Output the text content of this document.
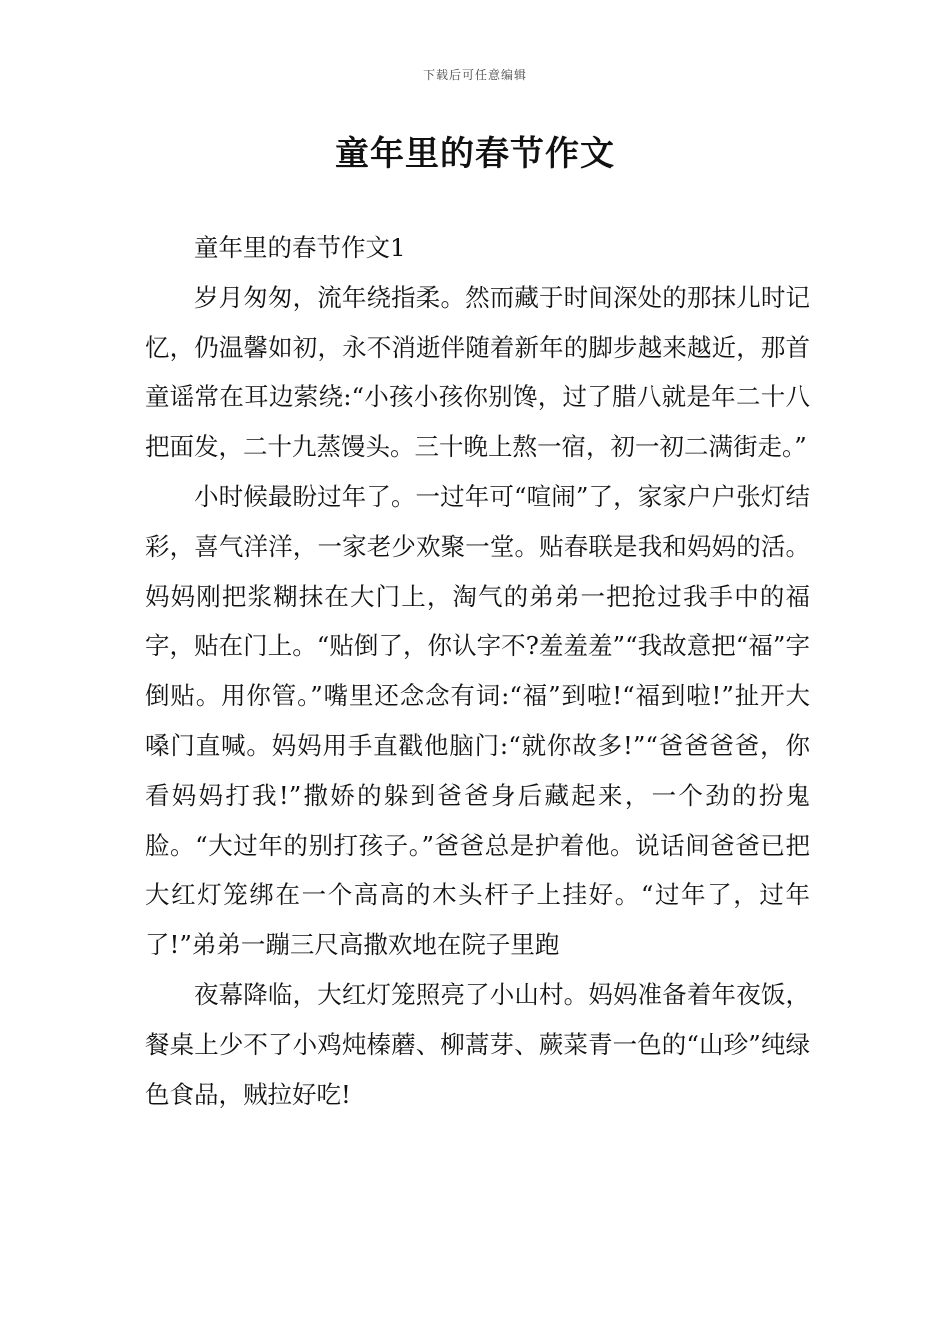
下载后可任意编辑
童年里的春节作文

童年里的春节作文1

岁月匆匆，流年绕指柔。然而藏于时间深处的那抹儿时记忆，仍温馨如初，永不消逝伴随着新年的脚步越来越近，那首童谣常在耳边萦绕:“小孩小孩你别馋，过了腊八就是年二十八把面发，二十九蒸馒头。三十晚上熬一宿，初一初二满街走。”

小时候最盼过年了。一过年可“喧闹”了，家家户户张灯结彩，喜气洋洋，一家老少欢聚一堂。贴春联是我和妈妈的活。妈妈刚把浆糊抹在大门上，淘气的弟弟一把抢过我手中的福字，贴在门上。“贴倒了，你认字不?羞羞羞”“我故意把“福”字倒贴。用你管。”嘴里还念念有词:“福”到啦!“福到啦!”扯开大嗓门直喊。妈妈用手直戳他脑门:“就你故多!”“爸爸爸爸，你看妈妈打我!”撒娇的躲到爸爸身后藏起来，一个劲的扮鬼脸。“大过年的别打孩子。”爸爸总是护着他。说话间爸爸已把大红灯笼绑在一个高高的木头杆子上挂好。“过年了，过年了!”弟弟一蹦三尺高撒欢地在院子里跑

夜幕降临，大红灯笼照亮了小山村。妈妈准备着年夜饭，餐桌上少不了小鸡炖榛蘑、柳蒿芽、蕨菜青一色的“山珍”纯绿色食品，贼拉好吃!
